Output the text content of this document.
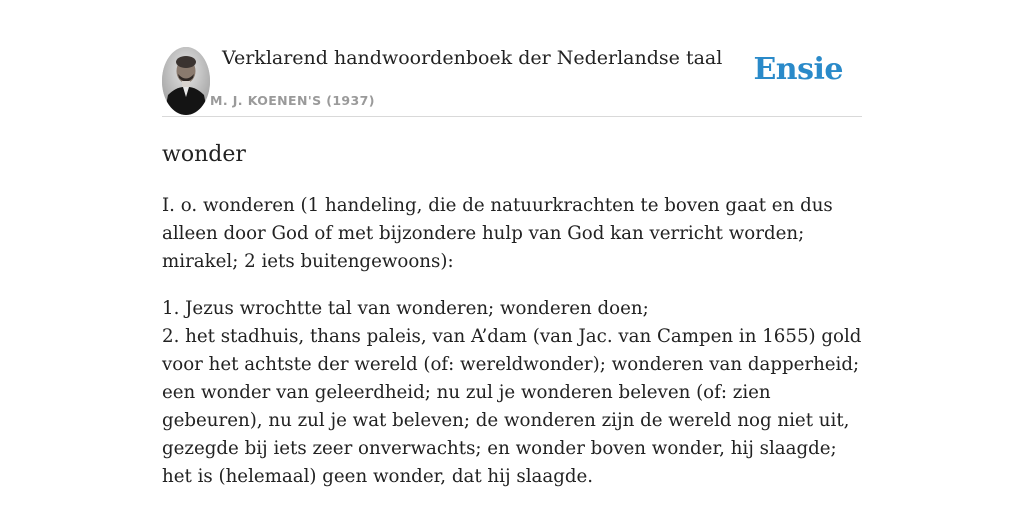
Verklarend handwoordenboek der Nederlandse taal
M. J. KOENEN'S (1937)
Ensie
wonder

I. o. wonderen (1 handeling, die de natuurkrachten te boven gaat en dus alleen door God of met bijzondere hulp van God kan verricht worden; mirakel; 2 iets buitengewoons):

1. Jezus wrochtte tal van wonderen; wonderen doen;
2. het stadhuis, thans paleis, van A’dam (van Jac. van Campen in 1655) gold voor het achtste der wereld (of: wereldwonder); wonderen van dapperheid; een wonder van geleerdheid; nu zul je wonderen beleven (of: zien gebeuren), nu zul je wat beleven; de wonderen zijn de wereld nog niet uit, gezegde bij iets zeer onverwachts; en wonder boven wonder, hij slaagde; het is (helemaal) geen wonder, dat hij slaagde.
